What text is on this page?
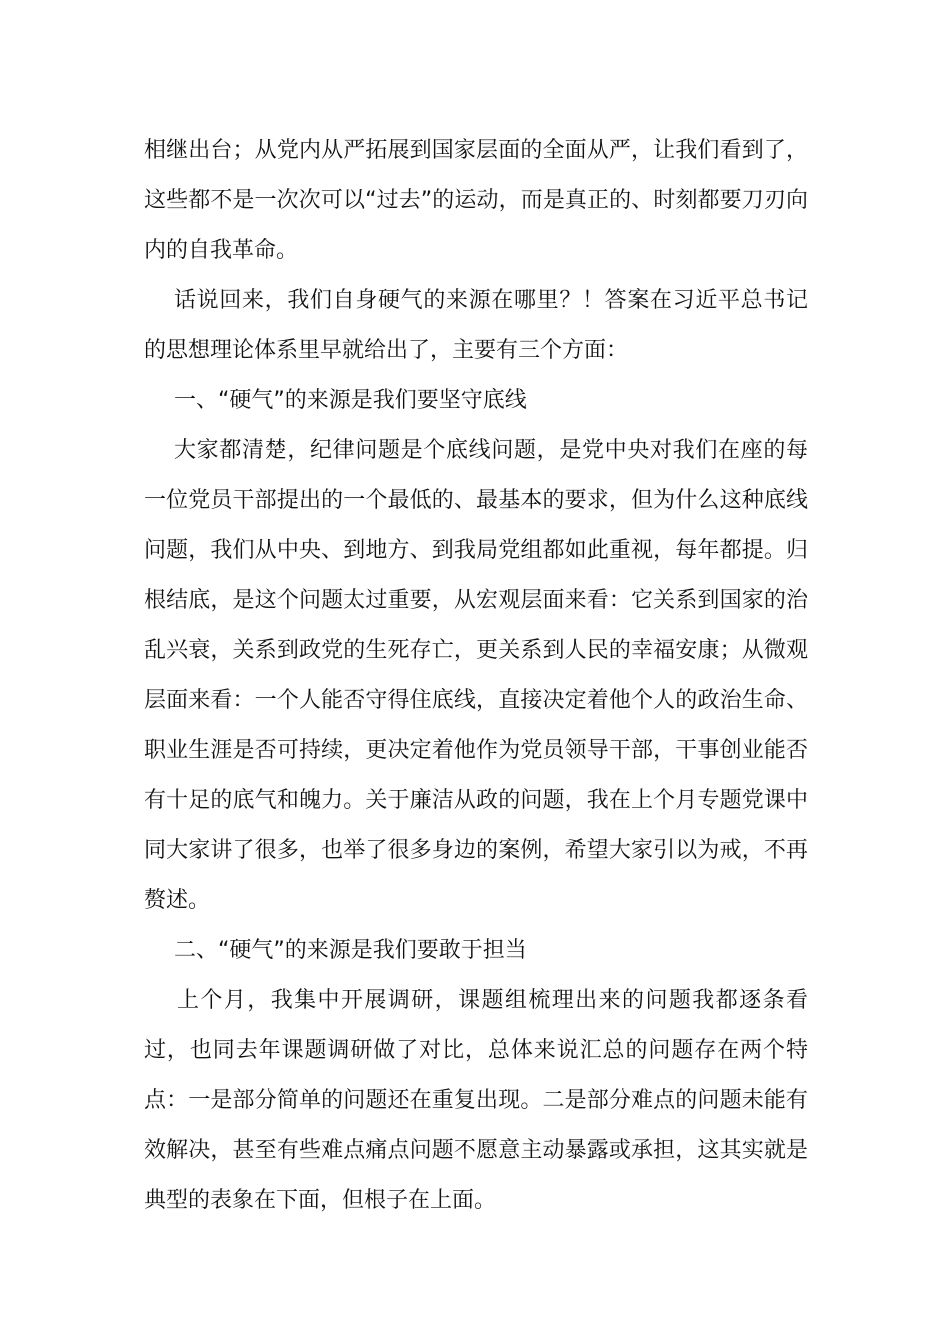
相继出台；从党内从严拓展到国家层面的全面从严，让我们看到了，这些都不是一次次可以“过去”的运动，而是真正的、时刻都要刀刃向内的自我革命。

话说回来，我们自身硬气的来源在哪里？！答案在习近平总书记的思想理论体系里早就给出了，主要有三个方面：

一、“硬气”的来源是我们要坚守底线

大家都清楚，纪律问题是个底线问题，是党中央对我们在座的每一位党员干部提出的一个最低的、最基本的要求，但为什么这种底线问题，我们从中央、到地方、到我局党组都如此重视，每年都提。归根结底，是这个问题太过重要，从宏观层面来看：它关系到国家的治乱兴衰，关系到政党的生死存亡，更关系到人民的幸福安康；从微观层面来看：一个人能否守得住底线，直接决定着他个人的政治生命、职业生涯是否可持续，更决定着他作为党员领导干部，干事创业能否有十足的底气和魄力。关于廉洁从政的问题，我在上个月专题党课中同大家讲了很多，也举了很多身边的案例，希望大家引以为戒，不再赘述。

二、“硬气”的来源是我们要敢于担当

上个月，我集中开展调研，课题组梳理出来的问题我都逐条看过，也同去年课题调研做了对比，总体来说汇总的问题存在两个特点：一是部分简单的问题还在重复出现。二是部分难点的问题未能有效解决，甚至有些难点痛点问题不愿意主动暴露或承担，这其实就是典型的表象在下面，但根子在上面。
